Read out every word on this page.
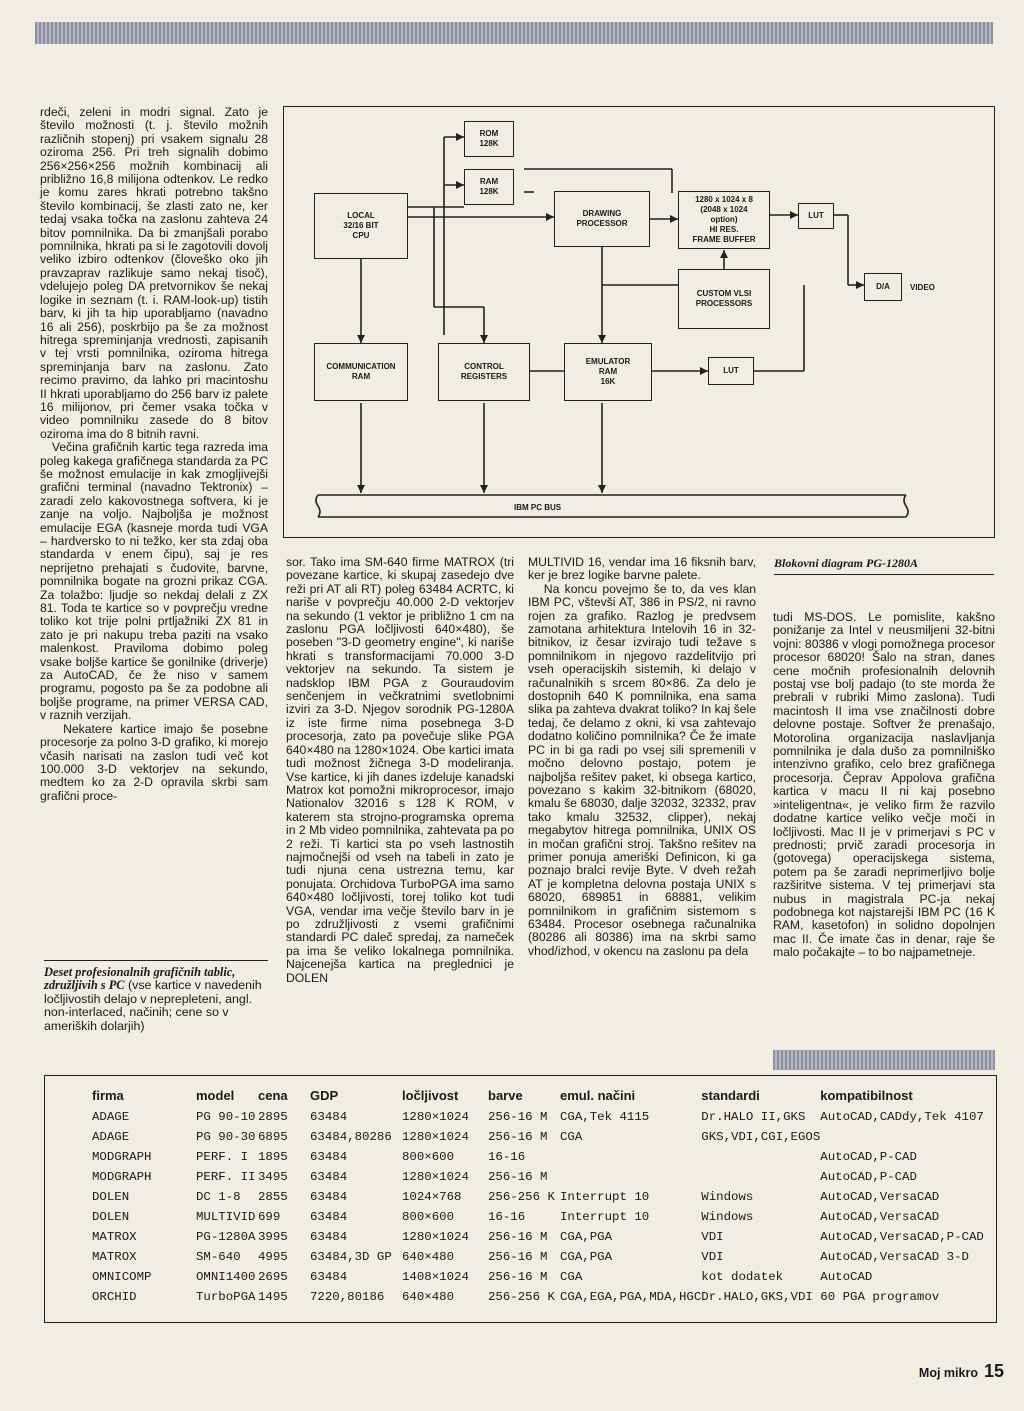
rdeči, zeleni in modri signal. Zato je število možnosti (t. j. število možnih različnih stopenj) pri vsakem signalu 28 oziroma 256. Pri treh signalih dobimo 256×256×256 možnih kombinacij ali približno 16,8 milijona odtenkov. Le redko je komu zares hkrati potrebno takšno število kombinacij, še zlasti zato ne, ker tedaj vsaka točka na zaslonu zahteva 24 bitov pomnilnika. Da bi zmanjšali porabo pomnilnika, hkrati pa si le zagotovili dovolj veliko izbiro odtenkov (človeško oko jih pravzaprav razlikuje samo nekaj tisoč), vdelujejo poleg DA pretvornikov še nekaj logike in seznam (t. i. RAM-look-up) tistih barv, ki jih ta hip uporabljamo (navadno 16 ali 256), poskrbijo pa še za možnost hitrega spreminjanja vrednosti, zapisanih v tej vrsti pomnilnika, oziroma hitrega spreminjanja barv na zaslonu. Zato recimo pravimo, da lahko pri macintoshu II hkrati uporabljamo do 256 barv iz palete 16 milijonov, pri čemer vsaka točka v video pomnilniku zasede do 8 bitov oziroma ima do 8 bitnih ravni.
Večina grafičnih kartic tega razreda ima poleg kakega grafičnega standarda za PC še možnost emulacije in kak zmogljivejši grafični terminal (navadno Tektronix) – zaradi zelo kakovostnega softvera, ki je zanje na voljo. Najboljša je možnost emulacije EGA (kasneje morda tudi VGA – hardversko to ni težko, ker sta zdaj oba standarda v enem čipu), saj je res neprijetno prehajati s čudovite, barvne, pomnilnika bogate na grozni prikaz CGA. Za tolažbo: ljudje so nekdaj delali z ZX 81. Toda te kartice so v povprečju vredne toliko kot trije polni prtljažniki ZX 81 in zato je pri nakupu treba paziti na vsako malenkost. Praviloma dobimo poleg vsake boljše kartice še gonilnike (driverje) za AutoCAD, če že niso v samem programu, pogosto pa še za podobne ali boljše programe, na primer VERSA CAD, v raznih verzijah.
Nekatere kartice imajo še posebne procesorje za polno 3-D grafiko, ki morejo včasih narisati na zaslon tudi več kot 100.000 3-D vektorjev na sekundo, medtem ko za 2-D opravila skrbi sam grafični proce-
ROM
128K
RAM
128K
LOCAL
32/16 BIT
CPU
DRAWING
PROCESSOR
1280 x 1024 x 8
(2048 x 1024
option)
HI RES.
FRAME BUFFER
LUT
CUSTOM VLSI
PROCESSORS
D/A	VIDEO
COMMUNICATION
RAM
CONTROL
REGISTERS
EMULATOR
RAM
16K
LUT
IBM PC BUS
sor. Tako ima SM-640 firme MATROX (tri povezane kartice, ki skupaj zasedejo dve reži pri AT ali RT) poleg 63484 ACRTC, ki nariše v povprečju 40.000 2-D vektorjev na sekundo (1 vektor je približno 1 cm na zaslonu PGA ločljivosti 640×480), še poseben "3-D geometry engine", ki nariše hkrati s transformacijami 70.000 3-D vektorjev na sekundo. Ta sistem je nadsklop IBM PGA z Gouraudovim senčenjem in večkratnimi svetlobnimi izviri za 3-D. Njegov sorodnik PG-1280A iz iste firme nima posebnega 3-D procesorja, zato pa povečuje slike PGA 640×480 na 1280×1024. Obe kartici imata tudi možnost žičnega 3-D modeliranja. Vse kartice, ki jih danes izdeluje kanadski Matrox kot pomožni mikroprocesor, imajo Nationalov 32016 s 128 K ROM, v katerem sta strojno-programska oprema in 2 Mb video pomnilnika, zahtevata pa po 2 reži. Ti kartici sta po vseh lastnostih najmočnejši od vseh na tabeli in zato je tudi njuna cena ustrezna temu, kar ponujata. Orchidova TurboPGA ima samo 640×480 ločljivosti, torej toliko kot tudi VGA, vendar ima večje število barv in je po združljivosti z vsemi grafičnimi standardi PC daleč spredaj, za nameček pa ima še veliko lokalnega pomnilnika. Najcenejša kartica na preglednici je DOLEN
MULTIVID 16, vendar ima 16 fiksnih barv, ker je brez logike barvne palete.
Na koncu povejmo še to, da ves klan IBM PC, vštevši AT, 386 in PS/2, ni ravno rojen za grafiko. Razlog je predvsem zamotana arhitektura Intelovih 16 in 32-bitnikov, iz česar izvirajo tudi težave s pomnilnikom in njegovo razdelitvijo pri vseh operacijskih sistemih, ki delajo v računalnikih s srcem 80×86. Za delo je dostopnih 640 K pomnilnika, ena sama slika pa zahteva dvakrat toliko? In kaj šele tedaj, če delamo z okni, ki vsa zahtevajo dodatno količino pomnilnika? Če že imate PC in bi ga radi po vsej sili spremenili v močno delovno postajo, potem je najboljša rešitev paket, ki obsega kartico, povezano s kakim 32-bitnikom (68020, kmalu še 68030, dalje 32032, 32332, prav tako kmalu 32532, clipper), nekaj megabytov hitrega pomnilnika, UNIX OS in močan grafični stroj. Takšno rešitev na primer ponuja ameriški Definicon, ki ga poznajo bralci revije Byte. V dveh režah AT je kompletna delovna postaja UNIX s 68020, 689851 in 68881, velikim pomnilnikom in grafičnim sistemom s 63484. Procesor osebnega računalnika (80286 ali 80386) ima na skrbi samo vhod/izhod, v okencu na zaslonu pa dela
Blokovni diagram PG-1280A
tudi MS-DOS. Le pomislite, kakšno ponižanje za Intel v neusmiljeni 32-bitni vojni: 80386 v vlogi pomožnega procesor procesor 68020! Šalo na stran, danes cene močnih profesionalnih delovnih postaj vse bolj padajo (to ste morda že prebrali v rubriki Mimo zaslona). Tudi macintosh II ima vse značilnosti dobre delovne postaje. Softver že prenašajo, Motorolina organizacija naslavljanja pomnilnika je dala dušo za pomnilniško intenzivno grafiko, celo brez grafičnega procesorja. Čeprav Appolova grafična kartica v macu II ni kaj posebno »inteligentna«, je veliko firm že razvilo dodatne kartice veliko večje moči in ločljivosti. Mac II je v primerjavi s PC v prednosti; prvič zaradi procesorja in (gotovega) operacijskega sistema, potem pa še zaradi neprimerljivo bolje razširitve sistema. V tej primerjavi sta nubus in magistrala PC-ja nekaj podobnega kot najstarejši IBM PC (16 K RAM, kasetofon) in solidno dopolnjen mac II. Če imate čas in denar, raje še malo počakajte – to bo najpametneje.
Deset profesionalnih grafičnih tablic, združljivih s PC (vse kartice v navedenih ločljivostih delajo v neprepleteni, angl. non-interlaced, načinih; cene so v ameriških dolarjih)
firma	model	cena	GDP	ločljivost	barve	emul. načini	standardi	kompatibilnost
ADAGE	PG 90-10	2895	63484	1280×1024	256-16 M	CGA,Tek 4115	Dr.HALO II,GKS	AutoCAD,CADdy,Tek 4107
ADAGE	PG 90-30	6895	63484,80286	1280×1024	256-16 M	CGA	GKS,VDI,CGI,EGOS	
MODGRAPH	PERF. I	1895	63484	800×600	16-16			AutoCAD,P-CAD
MODGRAPH	PERF. II	3495	63484	1280×1024	256-16 M			AutoCAD,P-CAD
DOLEN	DC 1-8	2855	63484	1024×768	256-256 K	Interrupt 10	Windows	AutoCAD,VersaCAD
DOLEN	MULTIVID	699	63484	800×600	16-16	Interrupt 10	Windows	AutoCAD,VersaCAD
MATROX	PG-1280A	3995	63484	1280×1024	256-16 M	CGA,PGA	VDI	AutoCAD,VersaCAD,P-CAD
MATROX	SM-640	4995	63484,3D GP	640×480	256-16 M	CGA,PGA	VDI	AutoCAD,VersaCAD 3-D
OMNICOMP	OMNI1400	2695	63484	1408×1024	256-16 M	CGA	kot dodatek	AutoCAD
ORCHID	TurboPGA	1495	7220,80186	640×480	256-256 K	CGA,EGA,PGA,MDA,HGC	Dr.HALO,GKS,VDI	60 PGA programov
Moj mikro 15
